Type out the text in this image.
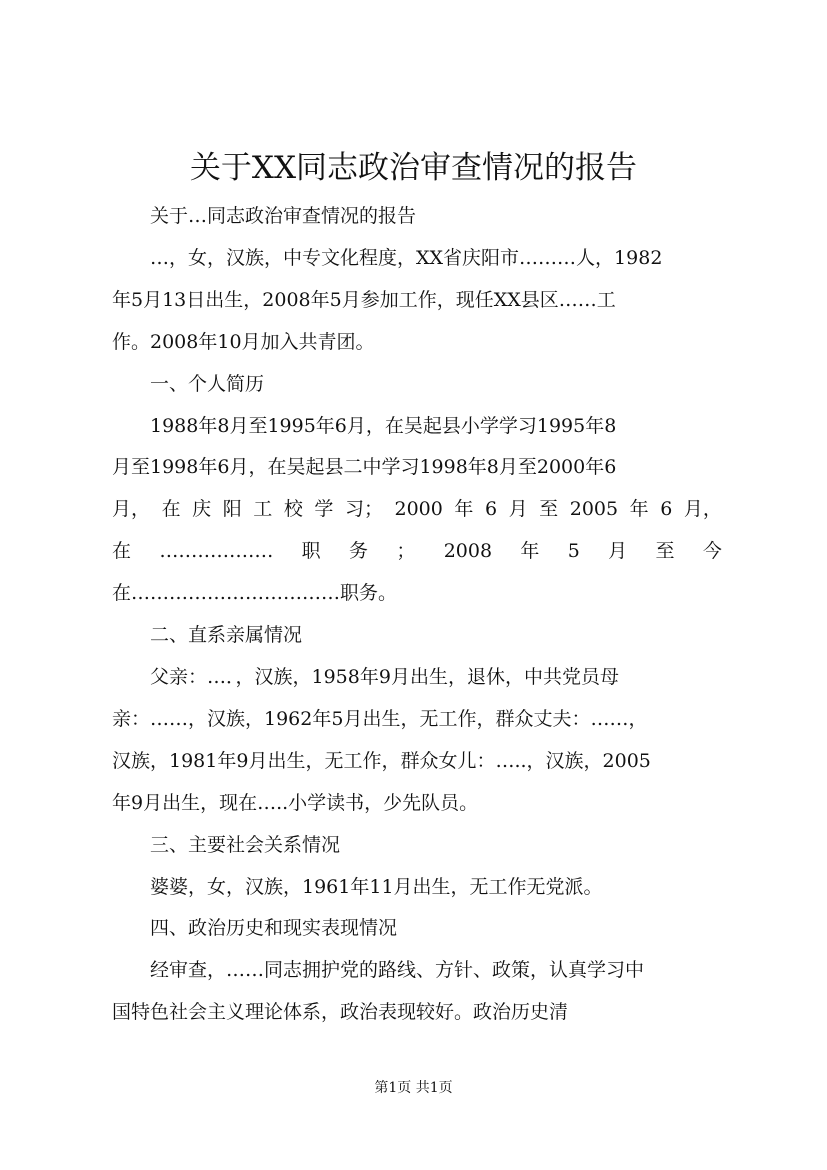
关于XX同志政治审查情况的报告

关于…同志政治审查情况的报告

…，女，汉族，中专文化程度，XX省庆阳市………人，1982
年5月13日出生，2008年5月参加工作，现任XX县区……工
作。2008年10月加入共青团。

一、个人简历

1988年8月至1995年6月，在吴起县小学学习1995年8
月至1998年6月，在吴起县二中学习1998年8月至2000年6
月， 在 庆 阳 工 校 学 习； 2000 年 6 月 至 2005 年 6 月，
在 ……………… 职 务 ； 2008 年 5 月 至 今
在……………………………职务。

二、直系亲属情况

父亲：…．，汉族，1958年9月出生，退休，中共党员母
亲：……，汉族，1962年5月出生，无工作，群众丈夫：……，
汉族，1981年9月出生，无工作，群众女儿：…..，汉族，2005
年9月出生，现在…..小学读书，少先队员。

三、主要社会关系情况

婆婆，女，汉族，1961年11月出生，无工作无党派。

四、政治历史和现实表现情况

经审查，……同志拥护党的路线、方针、政策，认真学习中
国特色社会主义理论体系，政治表现较好。政治历史清
第1页 共1页
